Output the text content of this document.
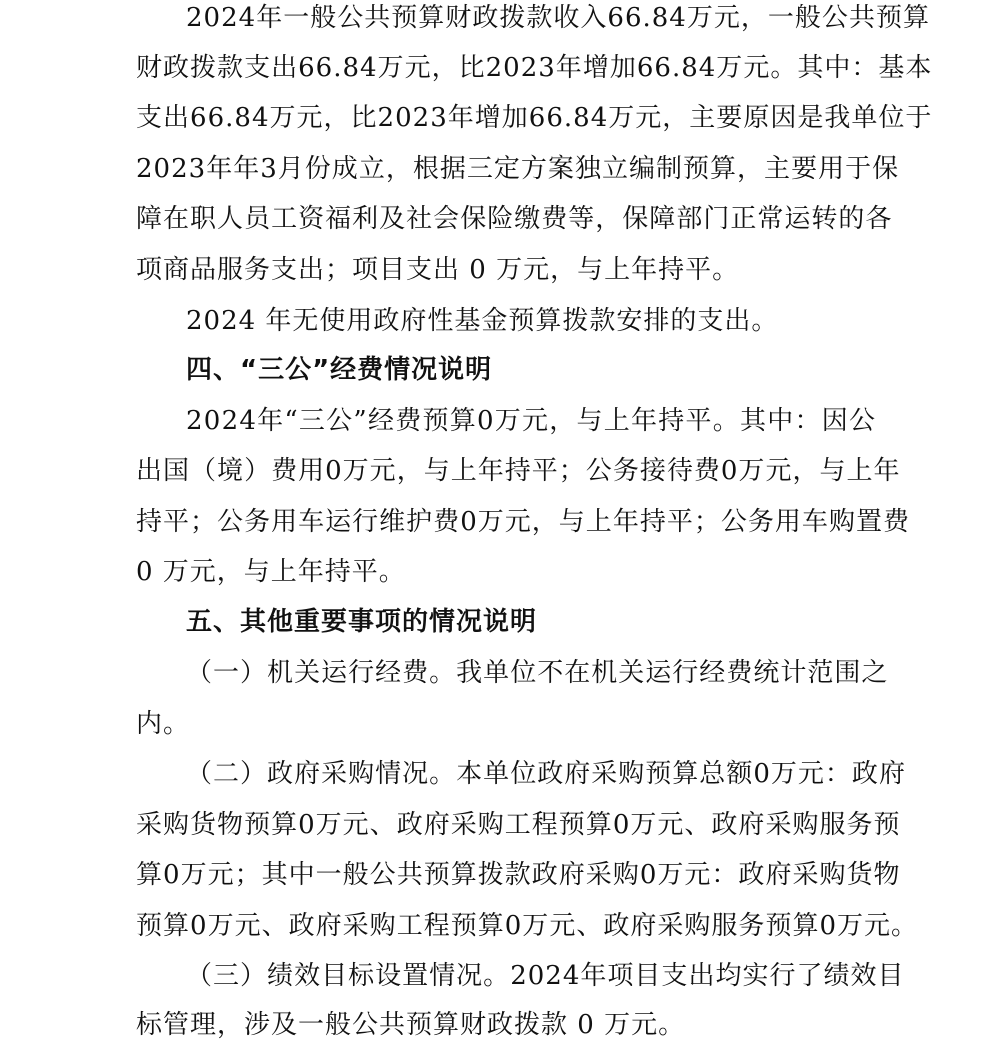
2 0 2 4 年 一 般 公 共 预 算 财 政 拨 款 收 入 6 6 . 8 4 万 元 ， 一 般 公 共 预 算
财 政 拨 款 支 出 6 6 . 8 4 万 元 ， 比 2 0 2 3 年 增 加 6 6 . 8 4 万 元 。 其 中 ： 基 本
支 出 6 6 . 8 4 万 元 ， 比 2 0 2 3 年 增 加 6 6 . 8 4 万 元 ， 主 要 原 因 是 我 单 位 于
2 0 2 3 年 年 3 月 份 成 立 ， 根 据 三 定 方 案 独 立 编 制 预 算 ， 主 要 用 于 保
障 在 职 人 员 工 资 福 利 及 社 会 保 险 缴 费 等 ， 保 障 部 门 正 常 运 转 的 各
项商品服务支出；项目支出 0 万元，与上年持平。
2024 年无使用政府性基金预算拨款安排的支出。
四、“三公”经费情况说明
2 0 2 4 年 “ 三 公 ” 经 费 预 算 0 万 元 ， 与 上 年 持 平 。 其 中 ： 因 公
出 国 （ 境 ） 费 用 0 万 元 ， 与 上 年 持 平 ； 公 务 接 待 费 0 万 元 ， 与 上 年
持 平 ； 公 务 用 车 运 行 维 护 费 0 万 元 ， 与 上 年 持 平 ； 公 务 用 车 购 置 费
0 万元，与上年持平。
五、其他重要事项的情况说明
（ 一 ） 机 关 运 行 经 费 。 我 单 位 不 在 机 关 运 行 经 费 统 计 范 围 之
内。
（ 二 ） 政 府 采 购 情 况 。 本 单 位 政 府 采 购 预 算 总 额 0 万 元 ： 政 府
采 购 货 物 预 算 0 万 元 、 政 府 采 购 工 程 预 算 0 万 元 、 政 府 采 购 服 务 预
算 0 万 元 ； 其 中 一 般 公 共 预 算 拨 款 政 府 采 购 0 万 元 ： 政 府 采 购 货 物
预 算 0 万 元 、 政 府 采 购 工 程 预 算 0 万 元 、 政 府 采 购 服 务 预 算 0 万 元 。
（ 三 ） 绩 效 目 标 设 置 情 况 。 2 0 2 4 年 项 目 支 出 均 实 行 了 绩 效 目
标管理，涉及一般公共预算财政拨款 0 万元。
